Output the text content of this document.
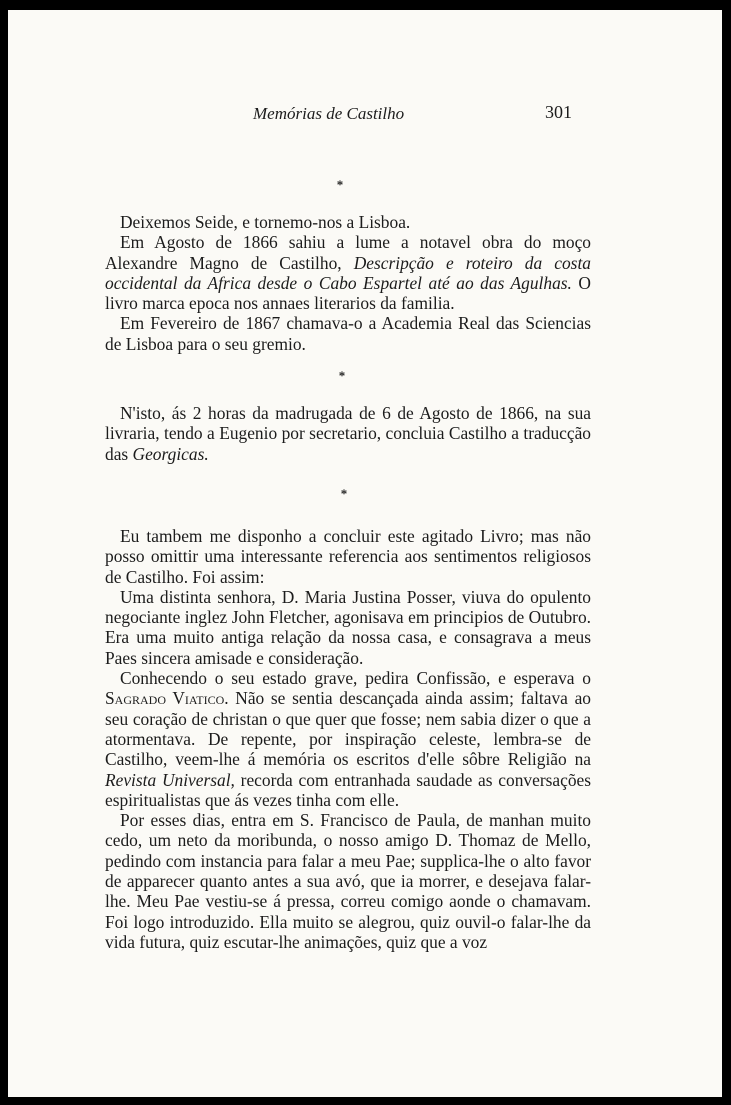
Memórias de Castilho	301
*

Deixemos Seide, e tornemo-nos a Lisboa.

Em Agosto de 1866 sahiu a lume a notavel obra do moço Alexandre Magno de Castilho, Descripção e roteiro da costa occidental da Africa desde o Cabo Espartel até ao das Agulhas. O livro marca epoca nos annaes literarios da familia.

Em Fevereiro de 1867 chamava-o a Academia Real das Sciencias de Lisboa para o seu gremio.

*

N'isto, ás 2 horas da madrugada de 6 de Agosto de 1866, na sua livraria, tendo a Eugenio por secretario, concluia Castilho a traducção das Georgicas.

*

Eu tambem me disponho a concluir este agitado Livro; mas não posso omittir uma interessante referencia aos sentimentos religiosos de Castilho. Foi assim:

Uma distinta senhora, D. Maria Justina Posser, viuva do opulento negociante inglez John Fletcher, agonisava em principios de Outubro. Era uma muito antiga relação da nossa casa, e consagrava a meus Paes sincera amisade e consideração.

Conhecendo o seu estado grave, pedira Confissão, e esperava o Sagrado Viatico. Não se sentia descançada ainda assim; faltava ao seu coração de christan o que quer que fosse; nem sabia dizer o que a atormentava. De repente, por inspiração celeste, lembra-se de Castilho, veem-lhe á memória os escritos d'elle sôbre Religião na Revista Universal, recorda com entranhada saudade as conversações espiritualistas que ás vezes tinha com elle.

Por esses dias, entra em S. Francisco de Paula, de manhan muito cedo, um neto da moribunda, o nosso amigo D. Thomaz de Mello, pedindo com instancia para falar a meu Pae; supplica-lhe o alto favor de apparecer quanto antes a sua avó, que ia morrer, e desejava falar-lhe. Meu Pae vestiu-se á pressa, correu comigo aonde o chamavam. Foi logo introduzido. Ella muito se alegrou, quiz ouvil-o falar-lhe da vida futura, quiz escutar-lhe animações, quiz que a voz
